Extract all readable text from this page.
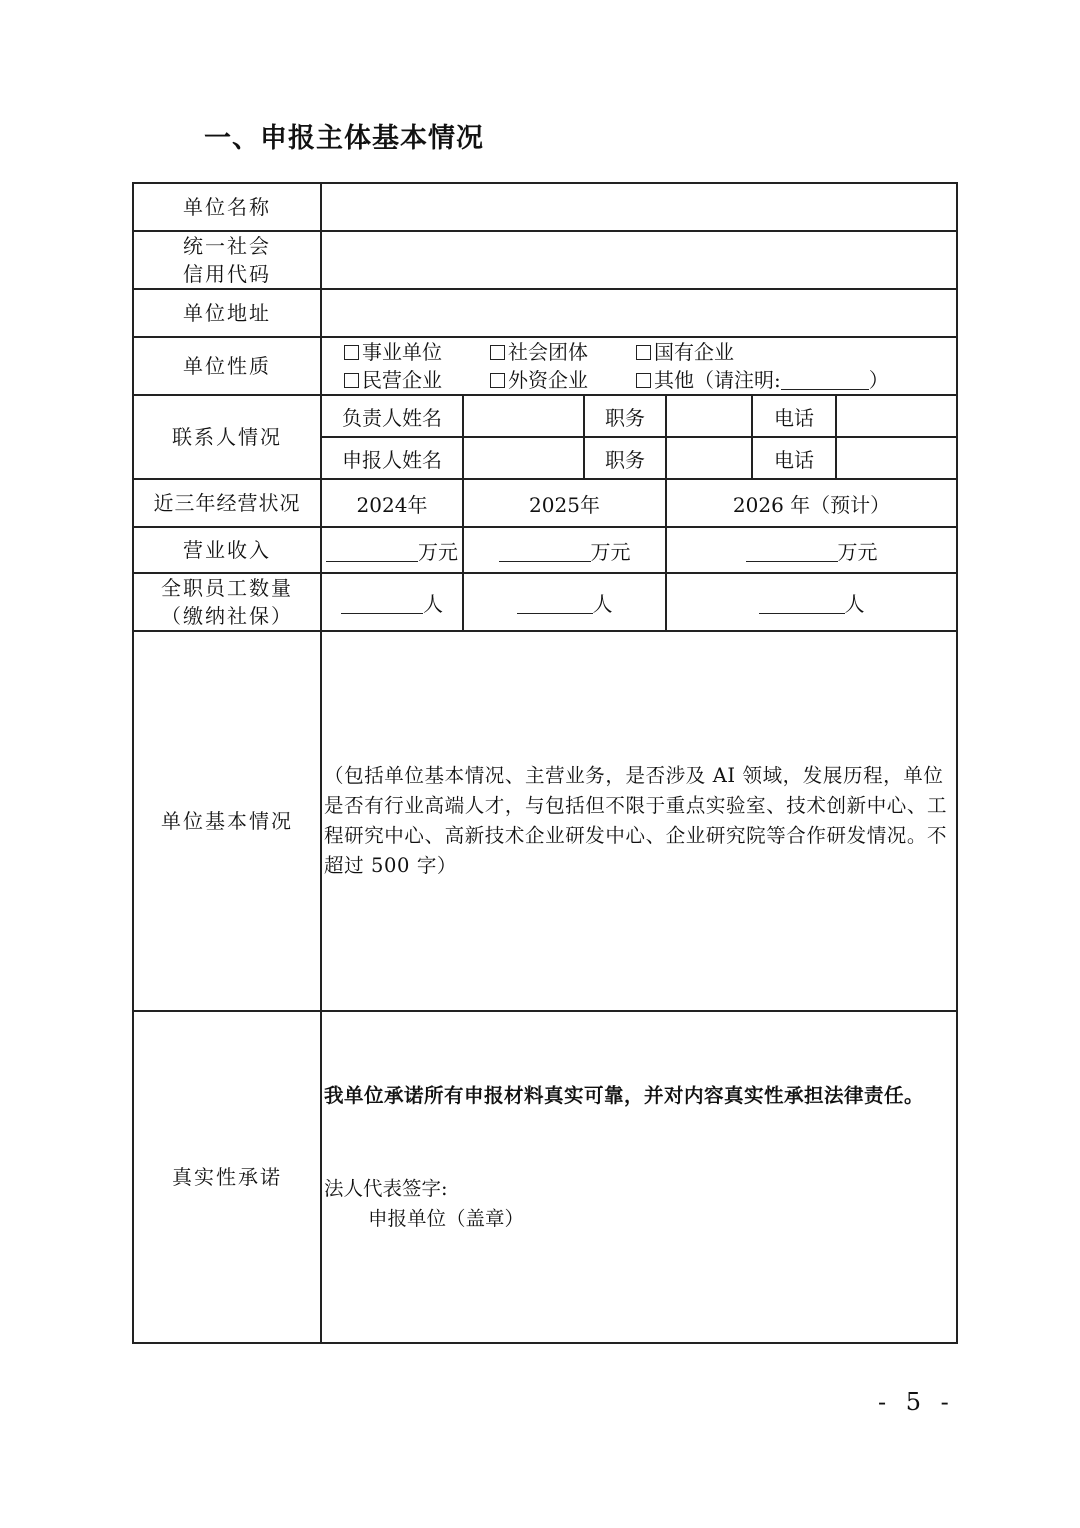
一、申报主体基本情况
单位名称					
统一社会
信用代码					
单位地址					
单位性质	事业单位 社会团体 国有企业
民营企业 外资企业 其他（请注明: ）				

联系人情况	负责人姓名		职务	电话	

	申报人姓名		职务	电话	

近三年经营状况	2024年	2025年		2026 年（预计）	
营业收入	万元	万元		万元	
全职员工数量
（缴纳社保）	人	人		人	
单位基本情况	（包括单位基本情况、主营业务，是否涉及 AI 领域，发展历程，单位是否有行业高端人才，与包括但不限于重点实验室、技术创新中心、工程研究中心、高新技术企业研发中心、企业研究院等合作研发情况。不超过 500 字）				
真实性承诺	我单位承诺所有申报材料真实可靠，并对内容真实性承担法律责任。
法人代表签字:
申报单位（盖章）				
- 5 -
